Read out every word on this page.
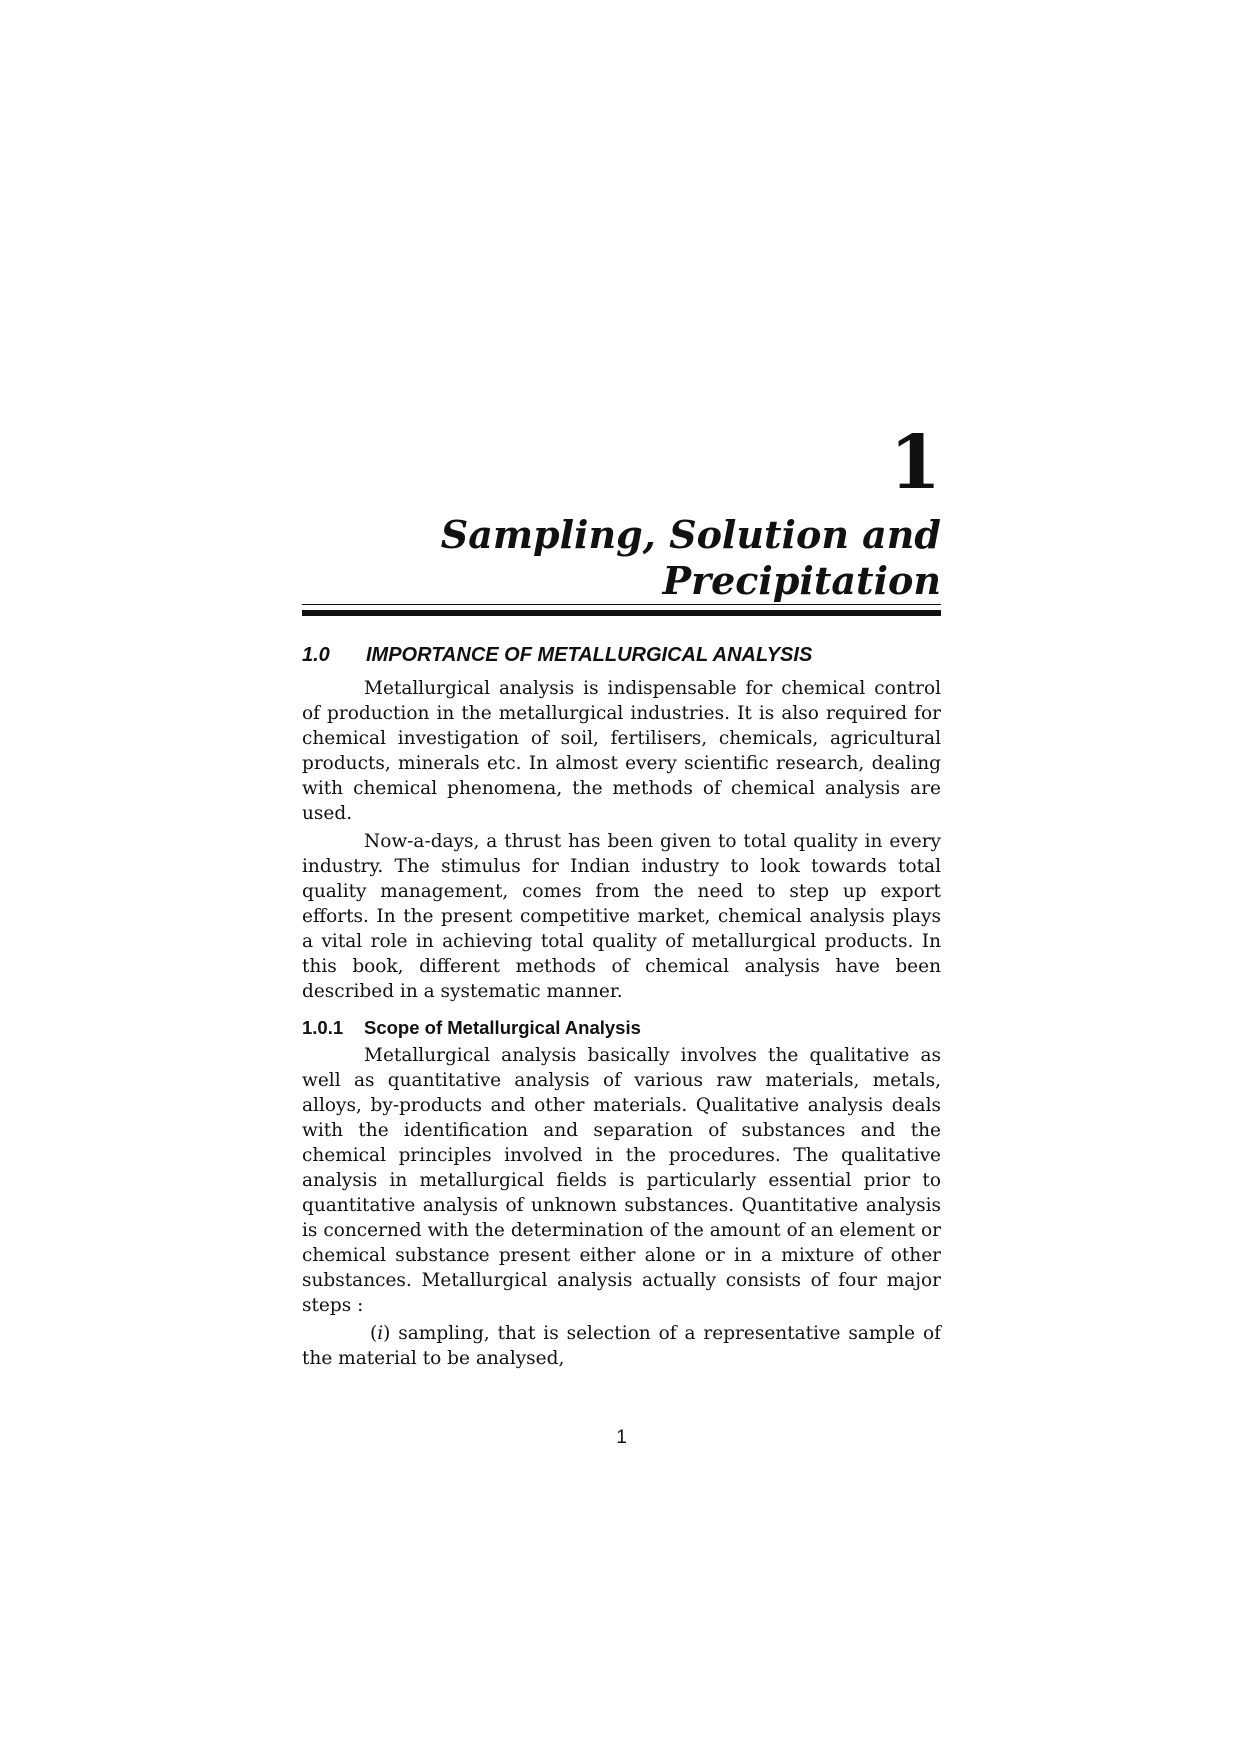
1
Sampling, Solution and
Precipitation
1.0 IMPORTANCE OF METALLURGICAL ANALYSIS

Metallurgical analysis is indispensable for chemical control of production in the metallurgical industries. It is also required for chemical investigation of soil, fertilisers, chemicals, agricultural products, minerals etc. In almost every scientific research, dealing with chemical phenomena, the methods of chemical analysis are used.

Now-a-days, a thrust has been given to total quality in every industry. The stimulus for Indian industry to look towards total quality management, comes from the need to step up export efforts. In the present competitive market, chemical analysis plays a vital role in achieving total quality of metallurgical products. In this book, different methods of chemical analysis have been described in a systematic manner.

1.0.1 Scope of Metallurgical Analysis

Metallurgical analysis basically involves the qualitative as well as quantitative analysis of various raw materials, metals, alloys, by-products and other materials. Qualitative analysis deals with the identification and separation of substances and the chemical principles involved in the procedures. The qualitative analysis in metallurgical fields is particularly essential prior to quantitative analysis of unknown substances. Quantitative analysis is concerned with the determination of the amount of an element or chemical substance present either alone or in a mixture of other substances. Metallurgical analysis actually consists of four major steps :

(i) sampling, that is selection of a representative sample of the material to be analysed,

1
